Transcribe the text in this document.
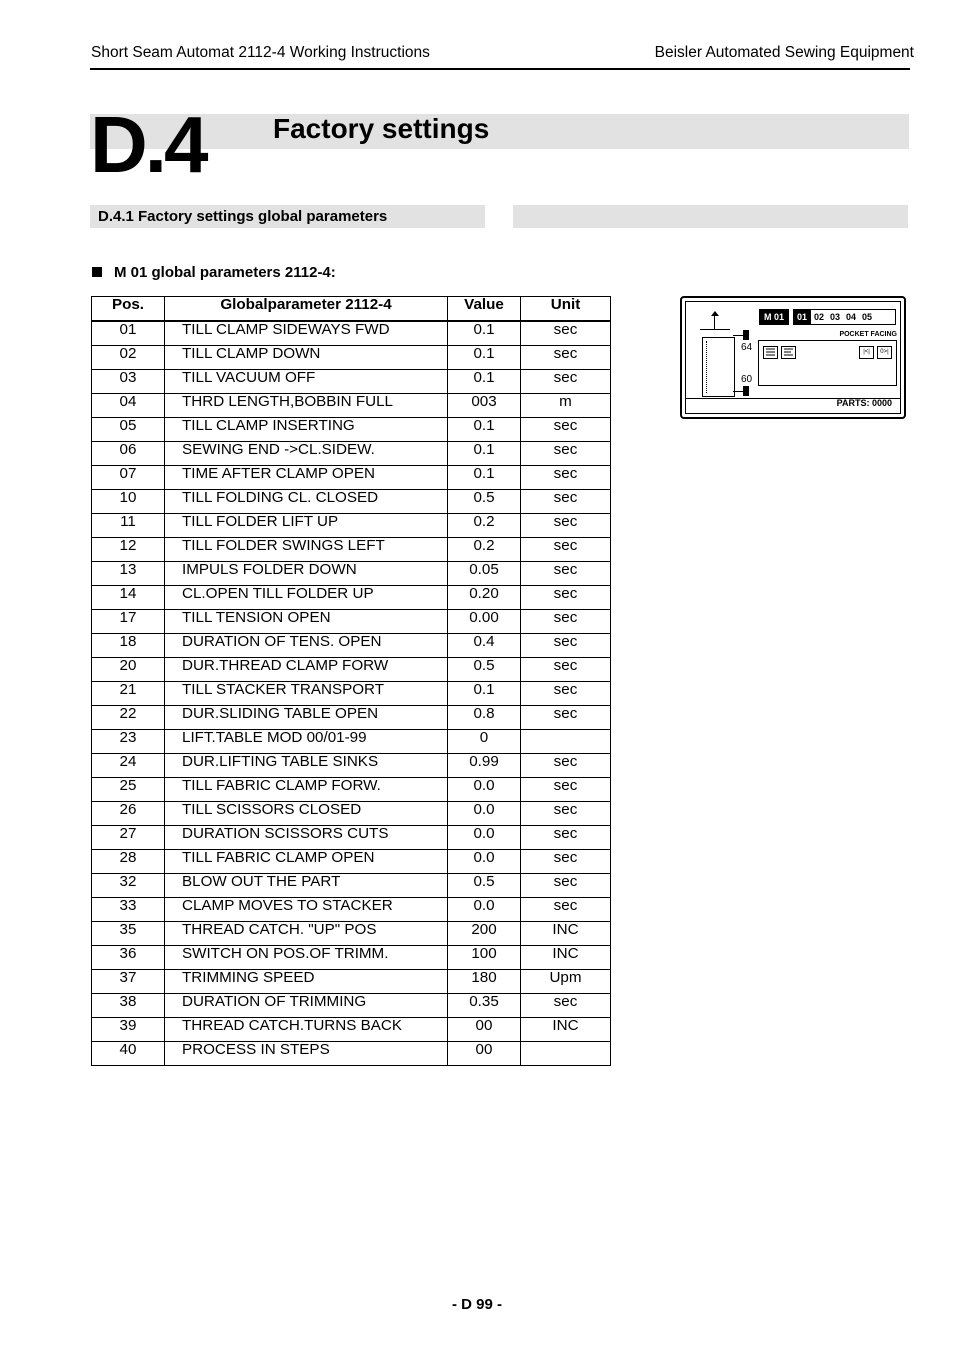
Short Seam Automat 2112-4 Working Instructions	Beisler Automated Sewing Equipment
D.4 Factory settings
D.4.1 Factory settings global parameters
M 01 global parameters 2112-4:
Pos.	Globalparameter 2112-4	Value	Unit
01	TILL CLAMP SIDEWAYS FWD	0.1	sec
02	TILL CLAMP DOWN	0.1	sec
03	TILL VACUUM OFF	0.1	sec
04	THRD LENGTH,BOBBIN FULL	003	m
05	TILL CLAMP INSERTING	0.1	sec
06	SEWING END ->CL.SIDEW.	0.1	sec
07	TIME AFTER CLAMP OPEN	0.1	sec
10	TILL FOLDING CL. CLOSED	0.5	sec
11	TILL FOLDER LIFT UP	0.2	sec
12	TILL FOLDER SWINGS LEFT	0.2	sec
13	IMPULS FOLDER DOWN	0.05	sec
14	CL.OPEN TILL FOLDER UP	0.20	sec
17	TILL TENSION OPEN	0.00	sec
18	DURATION OF TENS. OPEN	0.4	sec
20	DUR.THREAD CLAMP FORW	0.5	sec
21	TILL STACKER TRANSPORT	0.1	sec
22	DUR.SLIDING TABLE OPEN	0.8	sec
23	LIFT.TABLE MOD 00/01-99	0	
24	DUR.LIFTING TABLE SINKS	0.99	sec
25	TILL FABRIC CLAMP FORW.	0.0	sec
26	TILL SCISSORS CLOSED	0.0	sec
27	DURATION SCISSORS CUTS	0.0	sec
28	TILL FABRIC CLAMP OPEN	0.0	sec
32	BLOW OUT THE PART	0.5	sec
33	CLAMP MOVES TO STACKER	0.0	sec
35	THREAD CATCH. "UP" POS	200	INC
36	SWITCH ON POS.OF TRIMM.	100	INC
37	TRIMMING SPEED	180	Upm
38	DURATION OF TRIMMING	0.35	sec
39	THREAD CATCH.TURNS BACK	00	INC
40	PROCESS IN STEPS	00	
64
60
M 01	01 02 03 04 05
POCKET FACING
|<|	0>|
PARTS: 0000
- D 99 -
